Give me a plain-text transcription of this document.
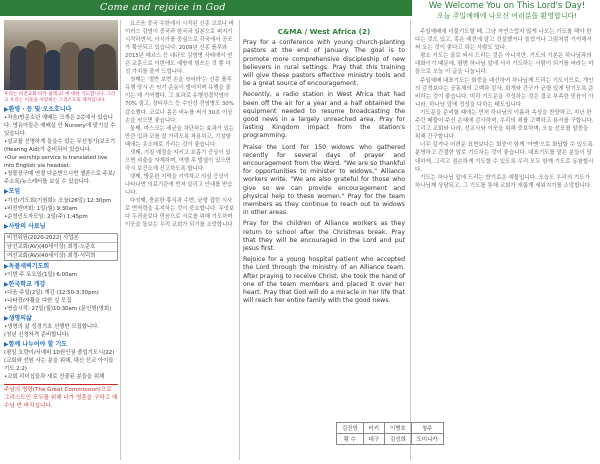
Come and rejoice in God	We Welcome You on This Lord's Day!
오늘 주일예배에 나오신 여러분을 환영합니다!
우리는 비전교회 타카 물레고! 에 대한 기도합니다. 그리고 우리는 이웃을 사랑하는 그리스도의 제자입니다.
▶환영 · 등 및 오소호니다
•처음/방문소년 예배는 크개은 2층에서 있습니다. 영유아들은 예배실 안 Nursery에 맡기실 수 있습니다.
•설교를 선명하게 들을수 있는 무선청기(보조기(Hearing Aid)가 준비되어 있습니다.
•Our worship service is translated live into English via headset.
•청몰장구매 연결 다운받으시면 셸폰으로 주보/주소록/뉴스레터를 보실 수 있습니다.
▶모임
•기선/기도회(기원회): 오늘(26일) 12:30pm
•비전엔여회: 1일(월) 9:30am
•순정인도자모임: 2일(주) 1:45pm
▶사랑의 사료님
비전위원(2020-2022) 사업본
남선교회(AV)(40세이상) 최정-노준호
여선교회(AV)(40세이상) 최정-서덕희
▶독볼새벽기도회
•이번 주 토요일(1일) 6:00am
▶한국학교 개강
•다음 주일(2일) 개강 (12:50-3:30pm)
•나타장/자활을 다한 실 모집
•연습시작: 27일(월)10:30am (문인형)영회)
▶생명의삶
•생명의 삶 성경기초 선행반 모집합니다.
(청년 신청자격 준비합니다)
▶함께 나누어야 할 기도
(평일 요량이/서예비 10원인권 졸업기도시(22)
(교회와 선원 사는 분을 위해, 대신 선교 아이들 기도 2:2)
•교회 리더십들과 새로 선출된 분들을 위해
주님의 명령(The Great Commission)으로 그리스도인 모두를 위해 나가 영혼을 구하고 예수님 반 바치십니다.

요즈음 중국 우한에서 시작된 신종 코로나 바이러스 감염이 중국과 한국과 일본으로 퍼지기 시작하면서, 아시아를 중심으로 각국에서 공포가 확산되고 있습니다. 2009년 신종 플루와 2015년 메르스 등 대규모 감염병 사태에서 얻은 교훈으로 이번에도 예방에 힘쓰는 것 뿐 다섯 가치를 붙여 드립니다.

첫째는 '절반 보면 손을 씻어라'는 신종 플루 유행 당시 손 씻기 운동이 벌어지며 유행을 줄이는 데 기여했다. 그 효과로 유행성결막염이 70% 줄고, 장티푸스 등 수인성 전염병도 30% 감소했다. 코로나 몸은 비누를 써서 30초 이상 손을 씻으면 좋습니다.

둘째, 마스크는 세균을 차단하는 효과가 있는 만큼 입과 코를 잘 가리도록 착용하고, 기침할 때에는 옷소매로 가리는 것이 좋습니다.

셋째, 기침 예절을 지키고 호흡기 증상이 있으면 외출을 자제하며, 여행 후 발열이 있으면 즉시 보건소에 신고하도록 합니다.

넷째, 방문한 지역을 기억하고 의심 증상이 나타나면 의료기관에 먼저 알리고 안내를 받습니다.

다섯째, 충분한 휴식과 수면, 균형 잡힌 식사로 면역력을 유지하는 것이 중요합니다. 무엇보다 두려움보다 믿음으로 서로를 위해 기도하며 이웃을 돌보는 우리 교회가 되기를 소망합니다.

C&MA / West Africa (2)

Pray for a conference with young church-planting pastors at the end of January. The goal is to promote more comprehensive discipleship of new believers in rural settings. Pray that this training will give these pastors effective ministry tools and be a great source of encouragement.

Recently, a radio station in West Africa that had been off the air for a year and a half obtained the equipment needed to resume broadcasting the good news in a largely unreached area. Pray for lasting Kingdom impact from the station's programming.

Praise the Lord for 150 widows who gathered recently for several days of prayer and encouragement from the Word. "We are so thankful for opportunities to minister to widows," Alliance workers write. "We are also grateful for those who give so we can provide encouragement and physical help to these women." Pray for the team members as they continue to reach out to widows in other areas.

Pray for the children of Alliance workers as they return to school after the Christmas break. Pray that they will be encouraged in the Lord and put Jesus first.

Rejoice for a young hospital patient who accepted the Lord through the ministry of an Alliance team. After praying to receive Christ, she took the hand of one of the team members and placed it over her heart. Pray that God will do a miracle in her life that will reach her entire family with the good news.

주일예배에 더불기도할 때, 그냥 자연스럽지 않게 나오는 기도를 해야 한다는 것도 있고, 혹은 예전에 알고 건설했거나 들었거나 그림처럼 기억해서 써 오는 것이 좋다고 하는 사람도 있다.

평소 기도는 골로 써서 드리는 것은 아니지만, 기도의 기본은 하나님과의 대화이기 때문에, 평범 하나님 앞에 서서 기도하는 사람이 되기를 바라는 마음으로 오늘 이 글을 나눕니다.

주일예배 대표기도는 회중을 대신하여 하나님께 드리는 기도이므로, 개인의 감정보다는 공동체의 고백과 감사, 회개와 간구가 균형 있게 담기도록 준비하는 것이 좋습니다. 미리 기도문을 작성하는 것은 결코 부족한 믿음이 아니라, 하나님 앞에 정성을 다하는 태도입니다.

기도문을 준비할 때에는 먼저 하나님의 이름과 속성을 찬양하고, 지난 한 주간 베풀어 주신 은혜에 감사하며, 우리의 죄를 고백하고 용서를 구합니다. 그리고 교회와 나라, 선교사와 이웃을 위해 중보하며, 오늘 선포될 말씀을 위해 간구합니다.

너무 길거나 어려운 표현보다는 회중이 함께 '아멘'으로 화답할 수 있도록 분명하고 간결한 말로 기도하는 것이 좋습니다. 대표기도를 맡은 분들이 담대하게, 그리고 겸손하게 기도할 수 있도록 우리 모두 함께 기도로 동참합시다.

기도는 하나님 앞에 드리는 향기로운 예물입니다. 오늘도 우리의 기도가 하나님께 상달되고, 그 기도를 통해 교회가 새롭게 세워지기를 소망합니다.

김진영	터키	이병호	청주
황 수	대구	김성희	도미니카
